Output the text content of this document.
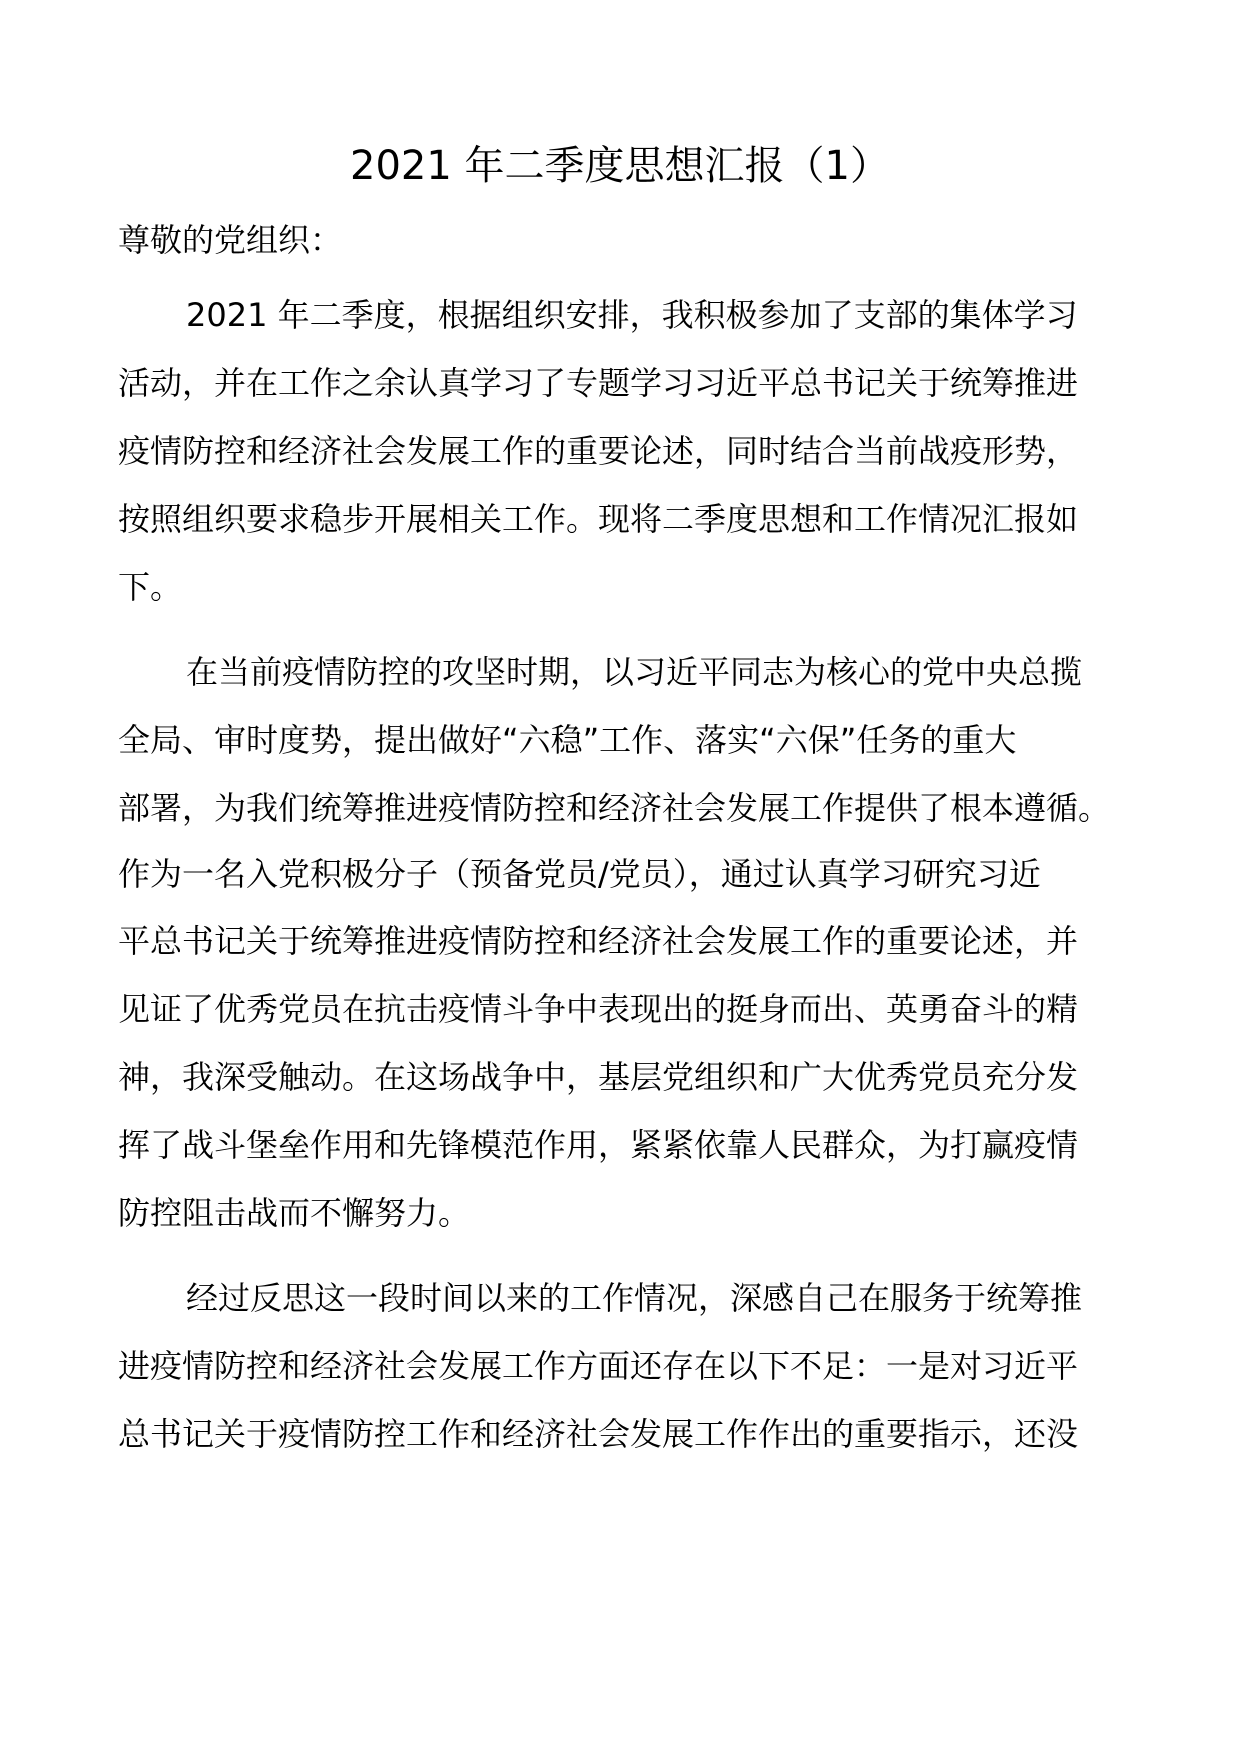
2021 年二季度思想汇报（1）
尊敬的党组织：
2021 年二季度，根据组织安排，我积极参加了支部的集体学习
活动，并在工作之余认真学习了专题学习习近平总书记关于统筹推进
疫情防控和经济社会发展工作的重要论述，同时结合当前战疫形势，
按照组织要求稳步开展相关工作。现将二季度思想和工作情况汇报如
下。
在当前疫情防控的攻坚时期，以习近平同志为核心的党中央总揽
全局、审时度势，提出做好“六稳”工作、落实“六保”任务的重大
部署，为我们统筹推进疫情防控和经济社会发展工作提供了根本遵循。
作为一名入党积极分子（预备党员/党员），通过认真学习研究习近
平总书记关于统筹推进疫情防控和经济社会发展工作的重要论述，并
见证了优秀党员在抗击疫情斗争中表现出的挺身而出、英勇奋斗的精
神，我深受触动。在这场战争中，基层党组织和广大优秀党员充分发
挥了战斗堡垒作用和先锋模范作用，紧紧依靠人民群众，为打赢疫情
防控阻击战而不懈努力。
经过反思这一段时间以来的工作情况，深感自己在服务于统筹推
进疫情防控和经济社会发展工作方面还存在以下不足：一是对习近平
总书记关于疫情防控工作和经济社会发展工作作出的重要指示，还没
